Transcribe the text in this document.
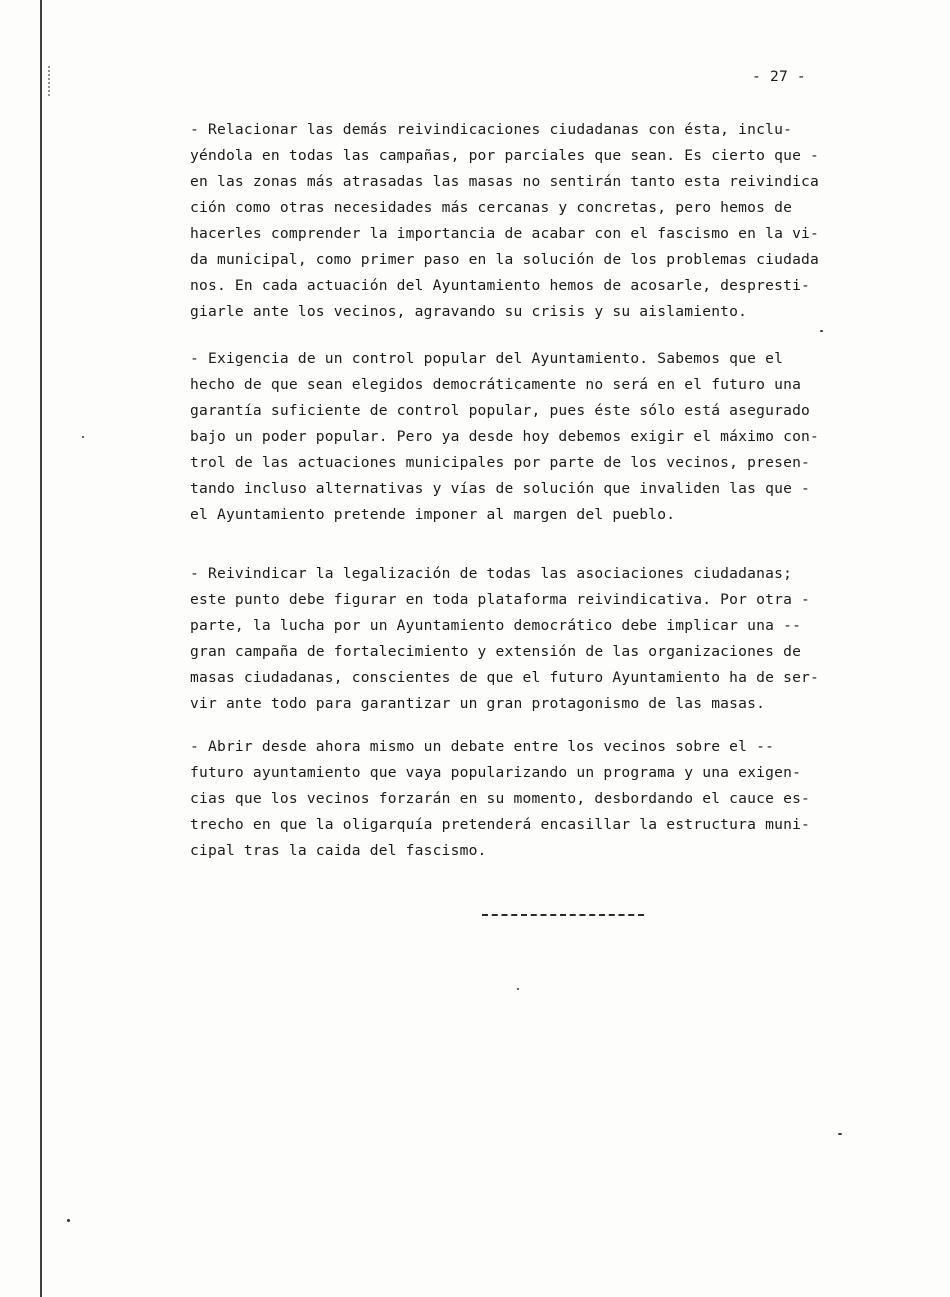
- 27 -
- Relacionar las demás reivindicaciones ciudadanas con ésta, inclu-
yéndola en todas las campañas, por parciales que sean. Es cierto que -
en las zonas más atrasadas las masas no sentirán tanto esta reivindica
ción como otras necesidades más cercanas y concretas, pero hemos de
hacerles comprender la importancia de acabar con el fascismo en la vi-
da municipal, como primer paso en la solución de los problemas ciudada
nos. En cada actuación del Ayuntamiento hemos de acosarle, despresti-
giarle ante los vecinos, agravando su crisis y su aislamiento.
- Exigencia de un control popular del Ayuntamiento. Sabemos que el
hecho de que sean elegidos democráticamente no será en el futuro una
garantía suficiente de control popular, pues éste sólo está asegurado
bajo un poder popular. Pero ya desde hoy debemos exigir el máximo con-
trol de las actuaciones municipales por parte de los vecinos, presen-
tando incluso alternativas y vías de solución que invaliden las que -
el Ayuntamiento pretende imponer al margen del pueblo.
- Reivindicar la legalización de todas las asociaciones ciudadanas;
este punto debe figurar en toda plataforma reivindicativa. Por otra -
parte, la lucha por un Ayuntamiento democrático debe implicar una --
gran campaña de fortalecimiento y extensión de las organizaciones de
masas ciudadanas, conscientes de que el futuro Ayuntamiento ha de ser-
vir ante todo para garantizar un gran protagonismo de las masas.
- Abrir desde ahora mismo un debate entre los vecinos sobre el --
futuro ayuntamiento que vaya popularizando un programa y una exigen-
cias que los vecinos forzarán en su momento, desbordando el cauce es-
trecho en que la oligarquía pretenderá encasillar la estructura muni-
cipal tras la caida del fascismo.
